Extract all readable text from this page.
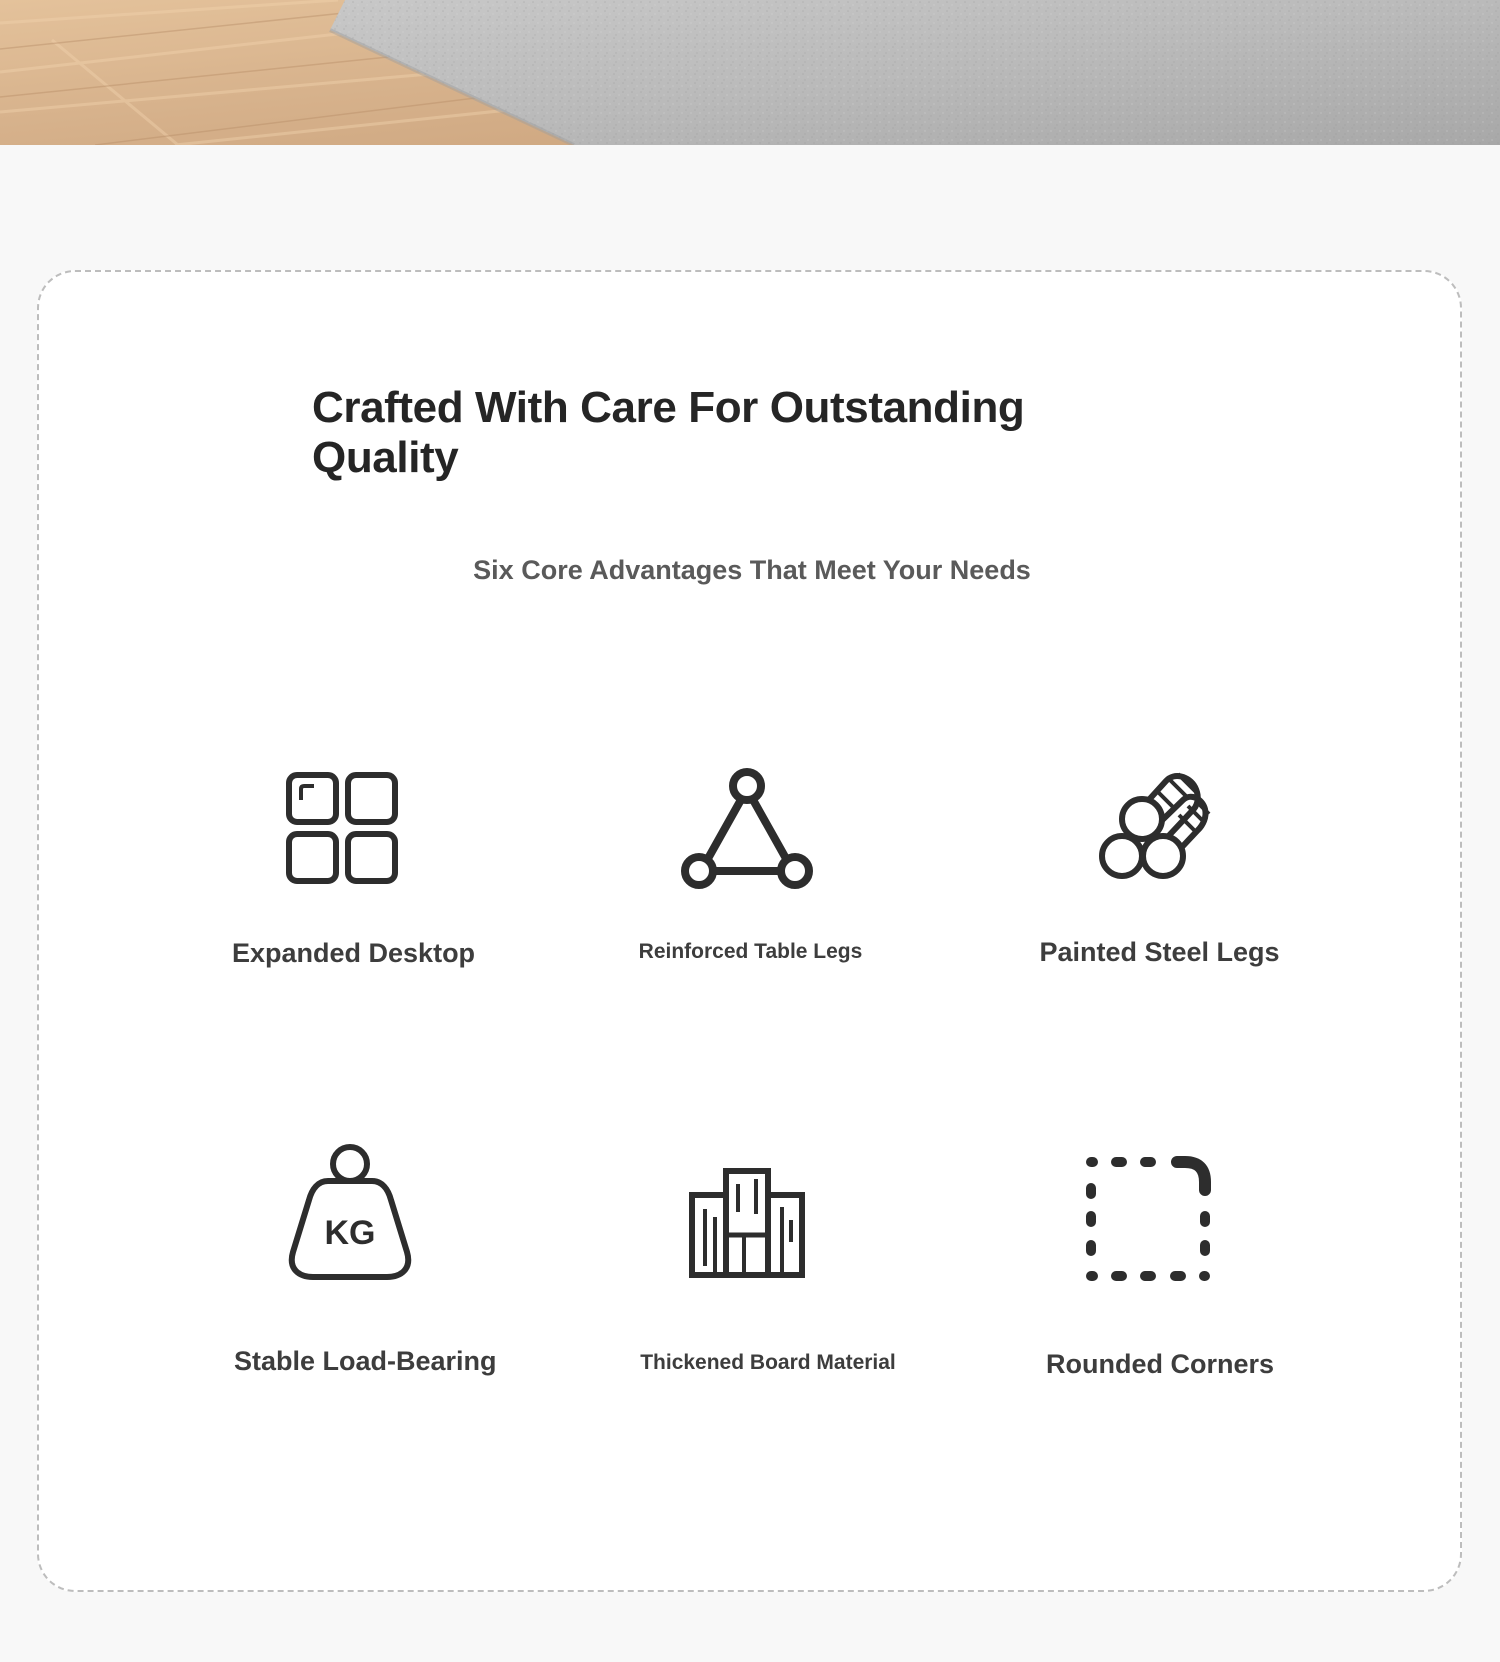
Crafted With Care For Outstanding Quality
Six Core Advantages That Meet Your Needs
KG
Expanded Desktop	Reinforced Table Legs	Painted Steel Legs
Stable Load-Bearing	Thickened Board Material	Rounded Corners
